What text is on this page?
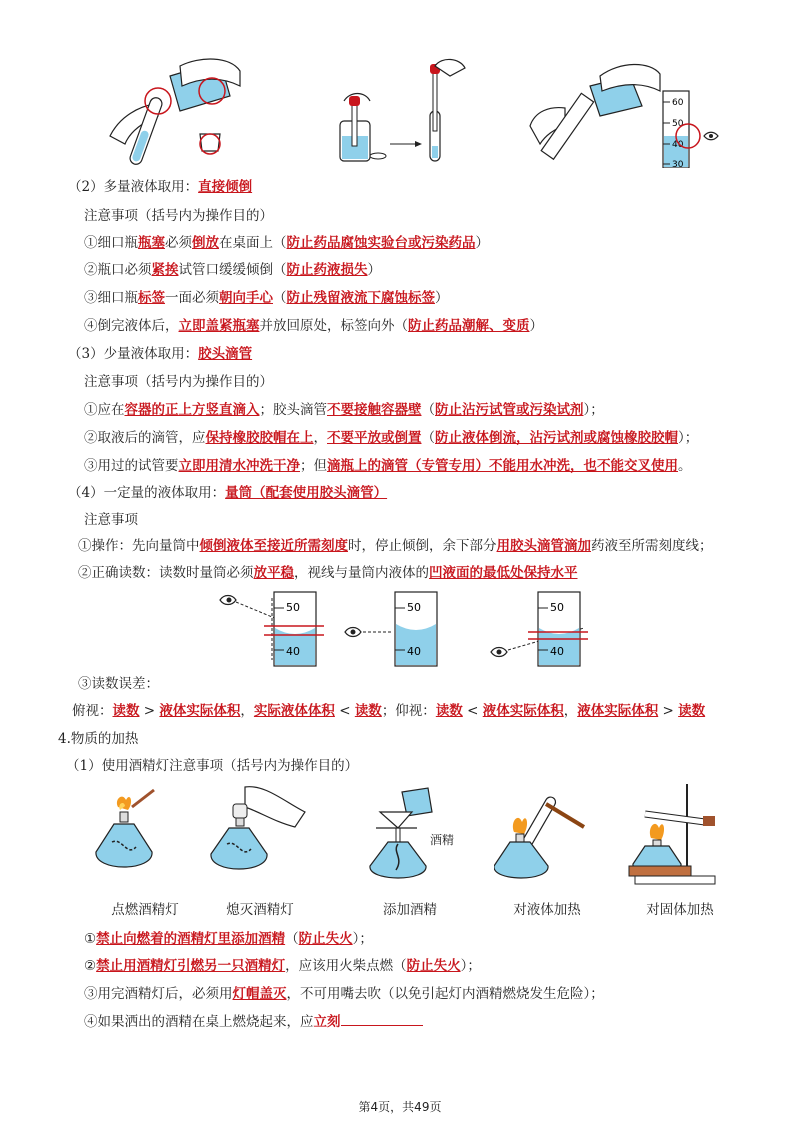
60
50
40
30
（2）多量液体取用：直接倾倒
注意事项（括号内为操作目的）
①细口瓶瓶塞必须倒放在桌面上（防止药品腐蚀实验台或污染药品）
②瓶口必须紧挨试管口缓缓倾倒（防止药液损失）
③细口瓶标签一面必须朝向手心（防止残留液流下腐蚀标签）
④倒完液体后，立即盖紧瓶塞并放回原处，标签向外（防止药品潮解、变质）
（3）少量液体取用：胶头滴管
注意事项（括号内为操作目的）
①应在容器的正上方竖直滴入；胶头滴管不要接触容器壁（防止沾污试管或污染试剂）；
②取液后的滴管，应保持橡胶胶帽在上，不要平放或倒置（防止液体倒流，沾污试剂或腐蚀橡胶胶帽）；
③用过的试管要立即用清水冲洗干净；但滴瓶上的滴管（专管专用）不能用水冲洗，也不能交叉使用。
（4）一定量的液体取用：量筒（配套使用胶头滴管）
注意事项
①操作：先向量筒中倾倒液体至接近所需刻度时，停止倾倒，余下部分用胶头滴管滴加药液至所需刻度线；
②正确读数：读数时量筒必须放平稳，视线与量筒内液体的凹液面的最低处保持水平
50
40
50
40
50
40
③读数误差：
俯视：读数 > 液体实际体积，实际液体体积 < 读数；仰视：读数 < 液体实际体积，液体实际体积 > 读数
4.物质的加热
（1）使用酒精灯注意事项（括号内为操作目的）
酒精
点燃酒精灯	熄灭酒精灯	添加酒精	对液体加热	对固体加热
①禁止向燃着的酒精灯里添加酒精（防止失火）；
②禁止用酒精灯引燃另一只酒精灯，应该用火柴点燃（防止失火）；
③用完酒精灯后，必须用灯帽盖灭，不可用嘴去吹（以免引起灯内酒精燃烧发生危险）；
④如果洒出的酒精在桌上燃烧起来，应立刻
第4页，共49页
